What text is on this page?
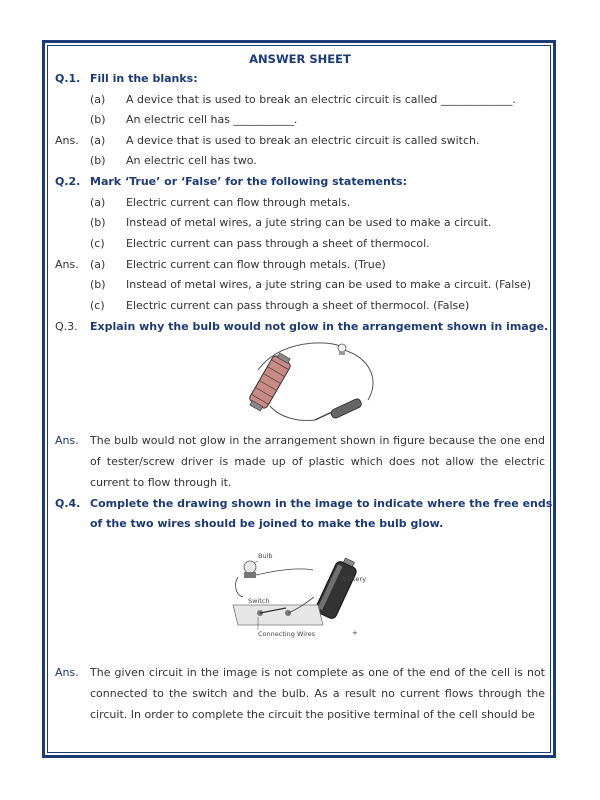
ANSWER SHEET
Q.1. Fill in the blanks:
(a) A device that is used to break an electric circuit is called _____________.
(b) An electric cell has ___________.
Ans. (a) A device that is used to break an electric circuit is called switch.
(b) An electric cell has two.
Q.2. Mark ‘True’ or ‘False’ for the following statements:
(a) Electric current can flow through metals.
(b) Instead of metal wires, a jute string can be used to make a circuit.
(c) Electric current can pass through a sheet of thermocol.
Ans. (a) Electric current can flow through metals. (True)
(b) Instead of metal wires, a jute string can be used to make a circuit. (False)
(c) Electric current can pass through a sheet of thermocol. (False)
Q.3. Explain why the bulb would not glow in the arrangement shown in image.
Ans. The bulb would not glow in the arrangement shown in figure because the one end of tester/screw driver is made up of plastic which does not allow the electric current to flow through it.
Q.4. Complete the drawing shown in the image to indicate where the free ends
of the two wires should be joined to make the bulb glow.
Bulb
Battery
+
Switch
Connecting Wires
Ans. The given circuit in the image is not complete as one of the end of the cell is not connected to the switch and the bulb. As a result no current flows through the circuit. In order to complete the circuit the positive terminal of the cell should be
